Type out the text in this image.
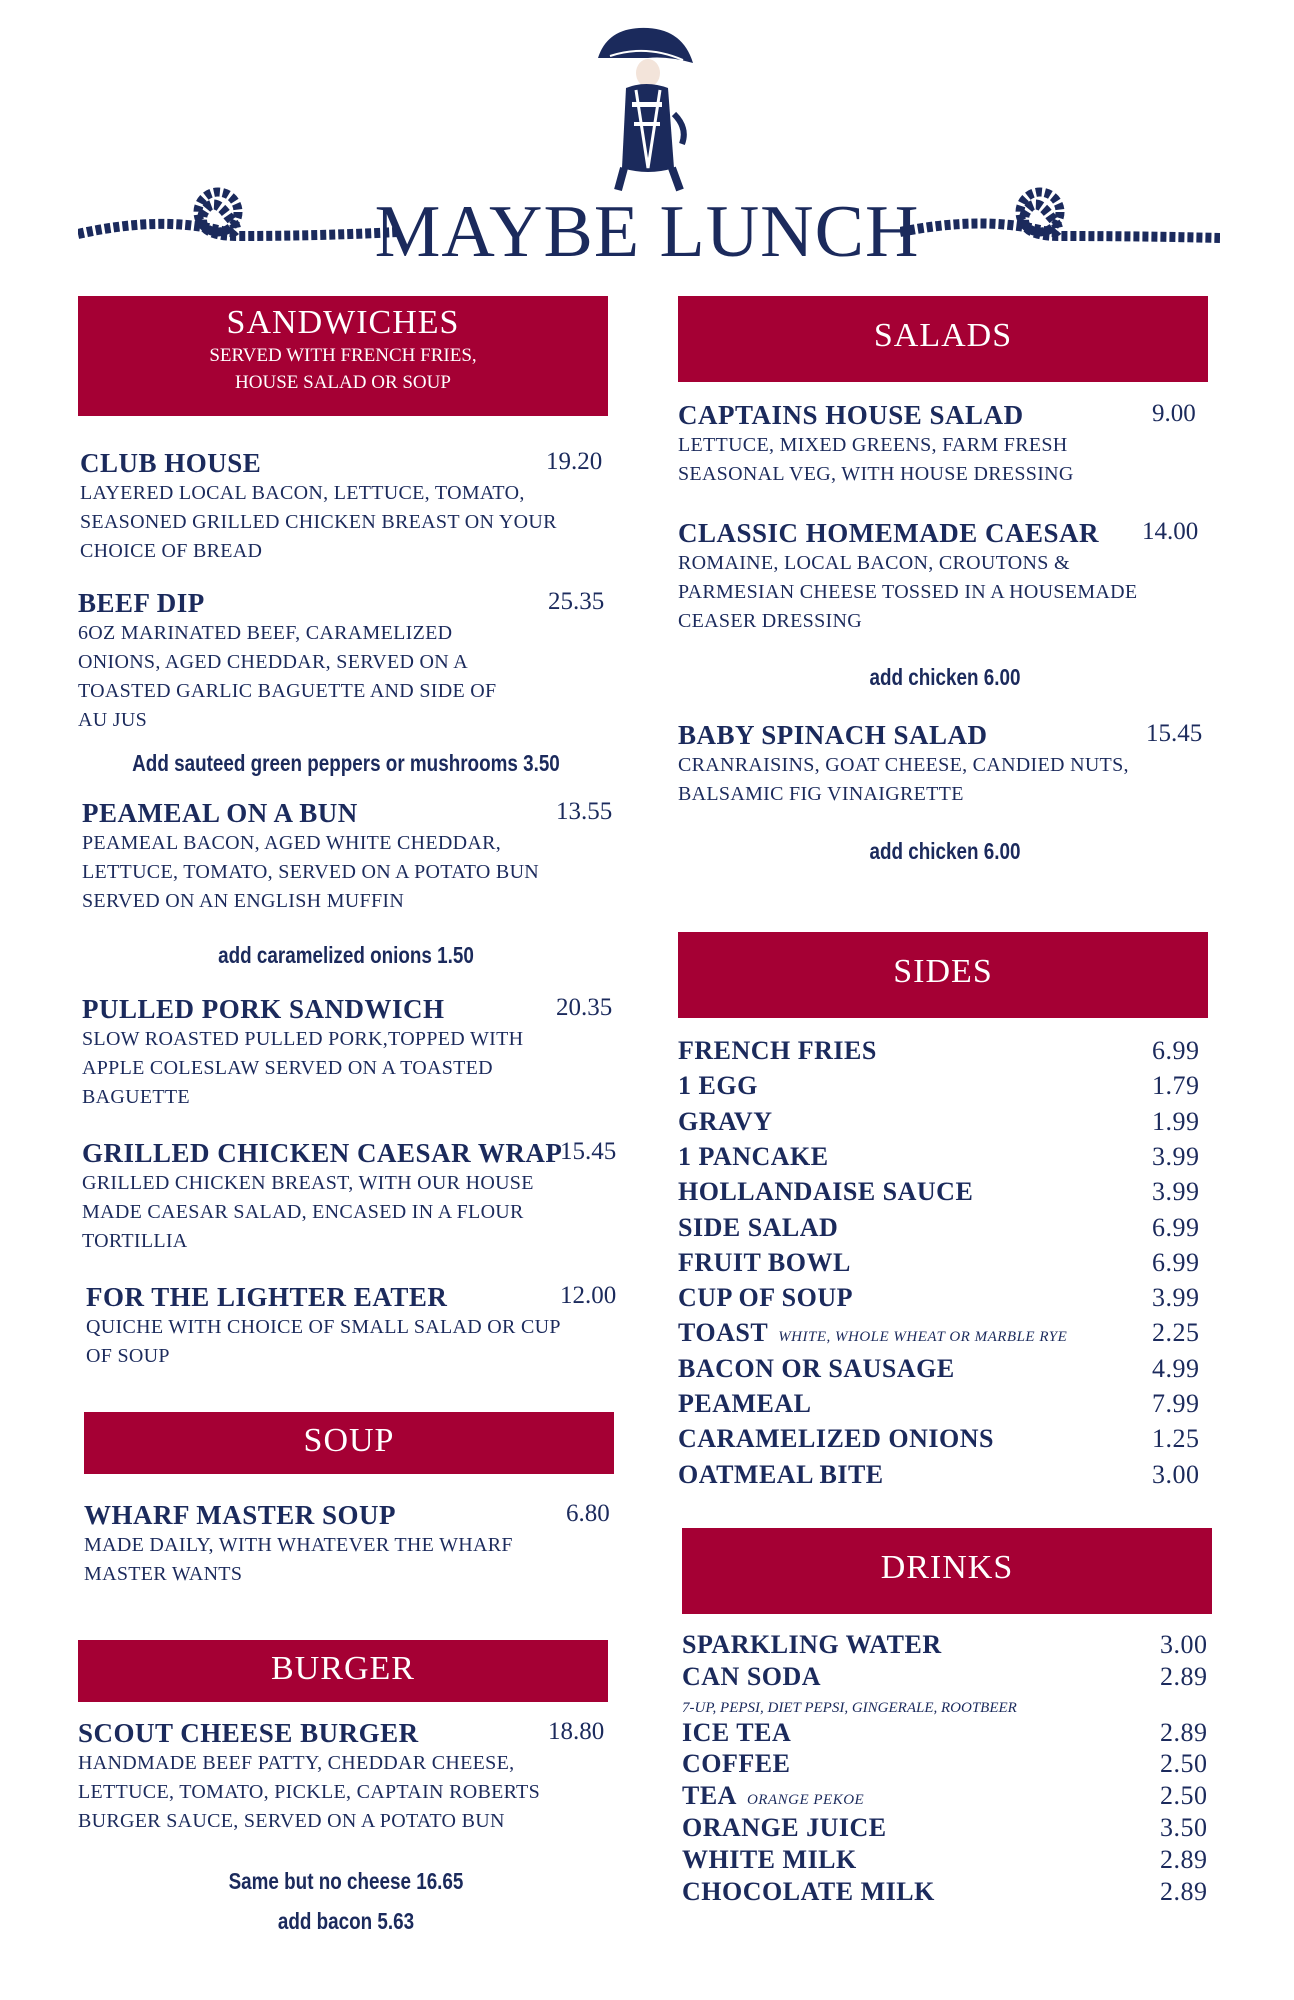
MAYBE LUNCH
SANDWICHES
SERVED WITH FRENCH FRIES,
HOUSE SALAD OR SOUP
CLUB HOUSE	19.20
LAYERED LOCAL BACON, LETTUCE, TOMATO,
SEASONED GRILLED CHICKEN BREAST ON YOUR
CHOICE OF BREAD
BEEF DIP	25.35
6OZ MARINATED BEEF, CARAMELIZED
ONIONS, AGED CHEDDAR, SERVED ON A
TOASTED GARLIC BAGUETTE AND SIDE OF
AU JUS
Add sauteed green peppers or mushrooms 3.50
PEAMEAL ON A BUN	13.55
PEAMEAL BACON, AGED WHITE CHEDDAR,
LETTUCE, TOMATO, SERVED ON A POTATO BUN
SERVED ON AN ENGLISH MUFFIN
add caramelized onions 1.50
PULLED PORK SANDWICH	20.35
SLOW ROASTED PULLED PORK,TOPPED WITH
APPLE COLESLAW SERVED ON A TOASTED
BAGUETTE
GRILLED CHICKEN CAESAR WRAP
15.45
GRILLED CHICKEN BREAST, WITH OUR HOUSE
MADE CAESAR SALAD, ENCASED IN A FLOUR
TORTILLIA
FOR THE LIGHTER EATER	12.00
QUICHE WITH CHOICE OF SMALL SALAD OR CUP
OF SOUP
SOUP
WHARF MASTER SOUP	6.80
MADE DAILY, WITH WHATEVER THE WHARF
MASTER WANTS
BURGER
SCOUT CHEESE BURGER	18.80
HANDMADE BEEF PATTY, CHEDDAR CHEESE,
LETTUCE, TOMATO, PICKLE, CAPTAIN ROBERTS
BURGER SAUCE, SERVED ON A POTATO BUN
Same but no cheese 16.65
add bacon 5.63
SALADS
CAPTAINS HOUSE SALAD	9.00
LETTUCE, MIXED GREENS, FARM FRESH
SEASONAL VEG, WITH HOUSE DRESSING
CLASSIC HOMEMADE CAESAR	14.00
ROMAINE, LOCAL BACON, CROUTONS &
PARMESIAN CHEESE TOSSED IN A HOUSEMADE
CEASER DRESSING
add chicken 6.00
BABY SPINACH SALAD	15.45
CRANRAISINS, GOAT CHEESE, CANDIED NUTS,
BALSAMIC FIG VINAIGRETTE
add chicken 6.00
SIDES
FRENCH FRIES	6.99
1 EGG	1.79
GRAVY	1.99
1 PANCAKE	3.99
HOLLANDAISE SAUCE	3.99
SIDE SALAD	6.99
FRUIT BOWL	6.99
CUP OF SOUP	3.99
TOAST WHITE, WHOLE WHEAT OR MARBLE RYE	2.25
BACON OR SAUSAGE	4.99
PEAMEAL	7.99
CARAMELIZED ONIONS	1.25
OATMEAL BITE	3.00
DRINKS
SPARKLING WATER	3.00
CAN SODA	2.89
ICE TEA	2.89
COFFEE	2.50
TEA ORANGE PEKOE	2.50
ORANGE JUICE	3.50
WHITE MILK	2.89
CHOCOLATE MILK	2.89
7-UP, PEPSI, DIET PEPSI, GINGERALE, ROOTBEER
